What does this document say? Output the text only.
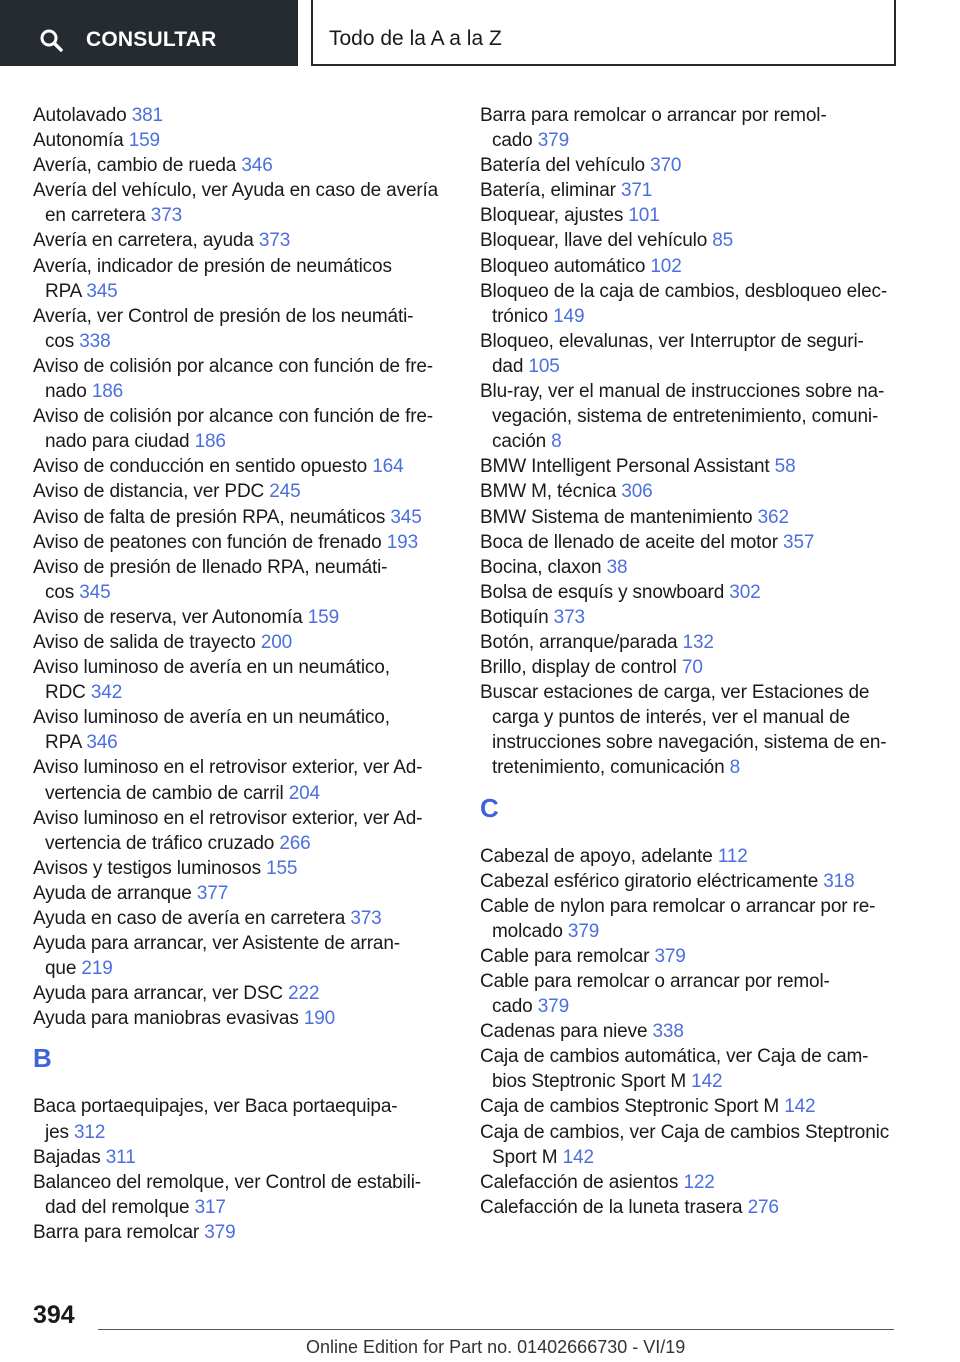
CONSULTAR	Todo de la A a la Z
Autolavado 381
Autonomía 159
Avería, cambio de rueda 346
Avería del vehículo, ver Ayuda en caso de avería
en carretera 373
Avería en carretera, ayuda 373
Avería, indicador de presión de neumáticos
RPA 345
Avería, ver Control de presión de los neumáti‐
cos 338
Aviso de colisión por alcance con función de fre‐
nado 186
Aviso de colisión por alcance con función de fre‐
nado para ciudad 186
Aviso de conducción en sentido opuesto 164
Aviso de distancia, ver PDC 245
Aviso de falta de presión RPA, neumáticos 345
Aviso de peatones con función de frenado 193
Aviso de presión de llenado RPA, neumáti‐
cos 345
Aviso de reserva, ver Autonomía 159
Aviso de salida de trayecto 200
Aviso luminoso de avería en un neumático,
RDC 342
Aviso luminoso de avería en un neumático,
RPA 346
Aviso luminoso en el retrovisor exterior, ver Ad‐
vertencia de cambio de carril 204
Aviso luminoso en el retrovisor exterior, ver Ad‐
vertencia de tráfico cruzado 266
Avisos y testigos luminosos 155
Ayuda de arranque 377
Ayuda en caso de avería en carretera 373
Ayuda para arrancar, ver Asistente de arran‐
que 219
Ayuda para arrancar, ver DSC 222
Ayuda para maniobras evasivas 190
B
Baca portaequipajes, ver Baca portaequipa‐
jes 312
Bajadas 311
Balanceo del remolque, ver Control de estabili‐
dad del remolque 317
Barra para remolcar 379
Barra para remolcar o arrancar por remol‐
cado 379
Batería del vehículo 370
Batería, eliminar 371
Bloquear, ajustes 101
Bloquear, llave del vehículo 85
Bloqueo automático 102
Bloqueo de la caja de cambios, desbloqueo elec‐
trónico 149
Bloqueo, elevalunas, ver Interruptor de seguri‐
dad 105
Blu-ray, ver el manual de instrucciones sobre na‐
vegación, sistema de entretenimiento, comuni‐
cación 8
BMW Intelligent Personal Assistant 58
BMW M, técnica 306
BMW Sistema de mantenimiento 362
Boca de llenado de aceite del motor 357
Bocina, claxon 38
Bolsa de esquís y snowboard 302
Botiquín 373
Botón, arranque/parada 132
Brillo, display de control 70
Buscar estaciones de carga, ver Estaciones de
carga y puntos de interés, ver el manual de
instrucciones sobre navegación, sistema de en‐
tretenimiento, comunicación 8
C
Cabezal de apoyo, adelante 112
Cabezal esférico giratorio eléctricamente 318
Cable de nylon para remolcar o arrancar por re‐
molcado 379
Cable para remolcar 379
Cable para remolcar o arrancar por remol‐
cado 379
Cadenas para nieve 338
Caja de cambios automática, ver Caja de cam‐
bios Steptronic Sport M 142
Caja de cambios Steptronic Sport M 142
Caja de cambios, ver Caja de cambios Steptronic
Sport M 142
Calefacción de asientos 122
Calefacción de la luneta trasera 276
394
Online Edition for Part no. 01402666730 - VI/19
